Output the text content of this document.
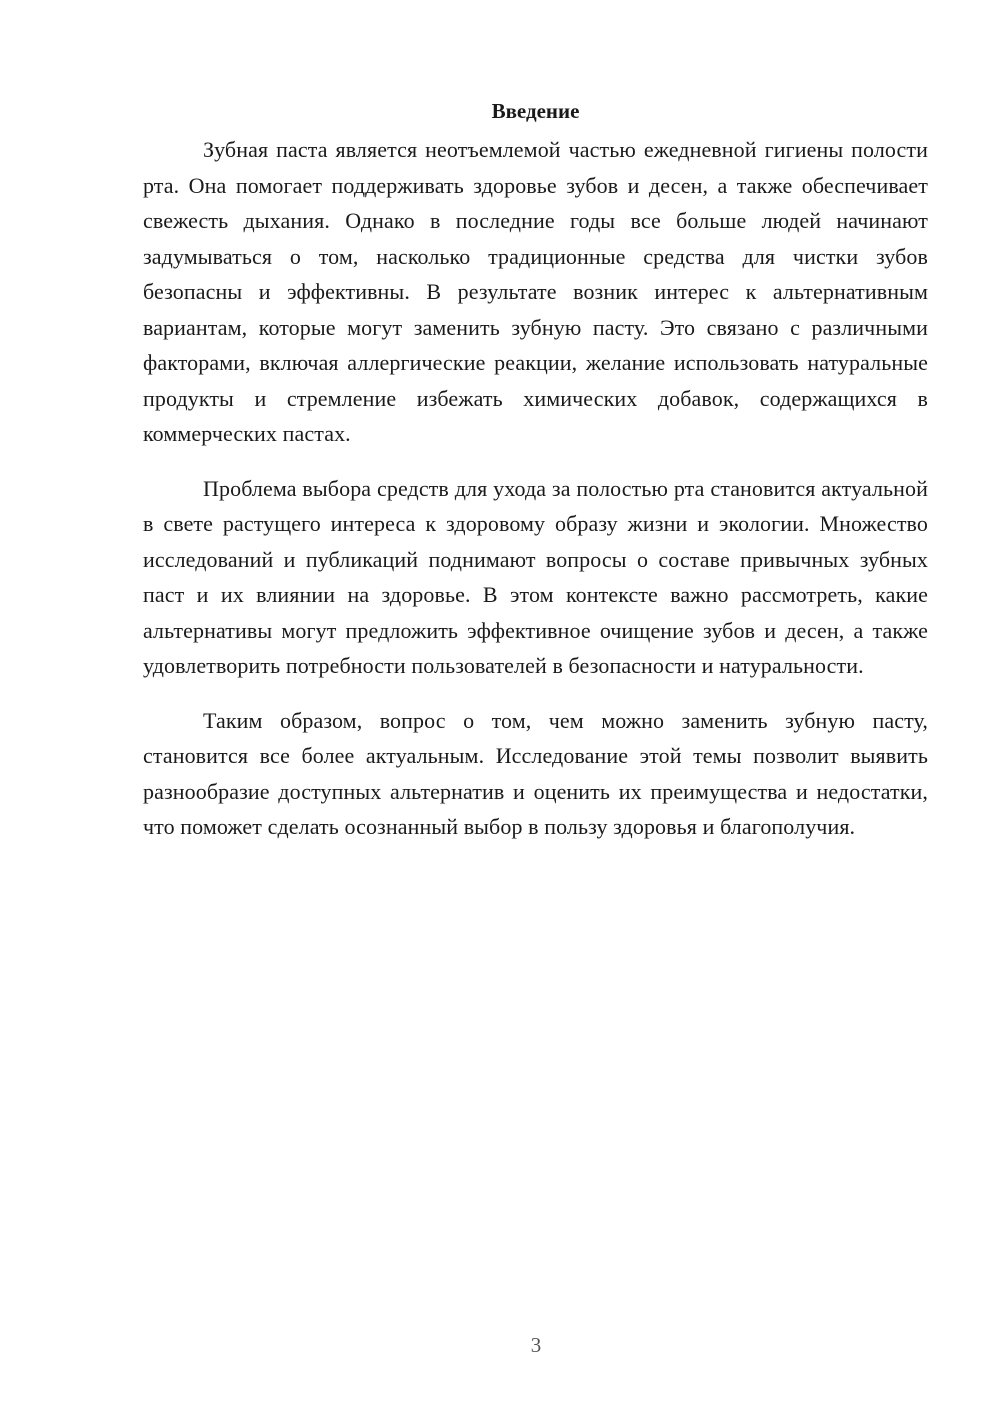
Введение

Зубная паста является неотъемлемой частью ежедневной гигиены полости рта. Она помогает поддерживать здоровье зубов и десен, а также обеспечивает свежесть дыхания. Однако в последние годы все больше людей начинают задумываться о том, насколько традиционные средства для чистки зубов безопасны и эффективны. В результате возник интерес к альтернативным вариантам, которые могут заменить зубную пасту. Это связано с различными факторами, включая аллергические реакции, желание использовать натуральные продукты и стремление избежать химических добавок, содержащихся в коммерческих пастах.

Проблема выбора средств для ухода за полостью рта становится актуальной в свете растущего интереса к здоровому образу жизни и экологии. Множество исследований и публикаций поднимают вопросы о составе привычных зубных паст и их влиянии на здоровье. В этом контексте важно рассмотреть, какие альтернативы могут предложить эффективное очищение зубов и десен, а также удовлетворить потребности пользователей в безопасности и натуральности.

Таким образом, вопрос о том, чем можно заменить зубную пасту, становится все более актуальным. Исследование этой темы позволит выявить разнообразие доступных альтернатив и оценить их преимущества и недостатки, что поможет сделать осознанный выбор в пользу здоровья и благополучия.

3
